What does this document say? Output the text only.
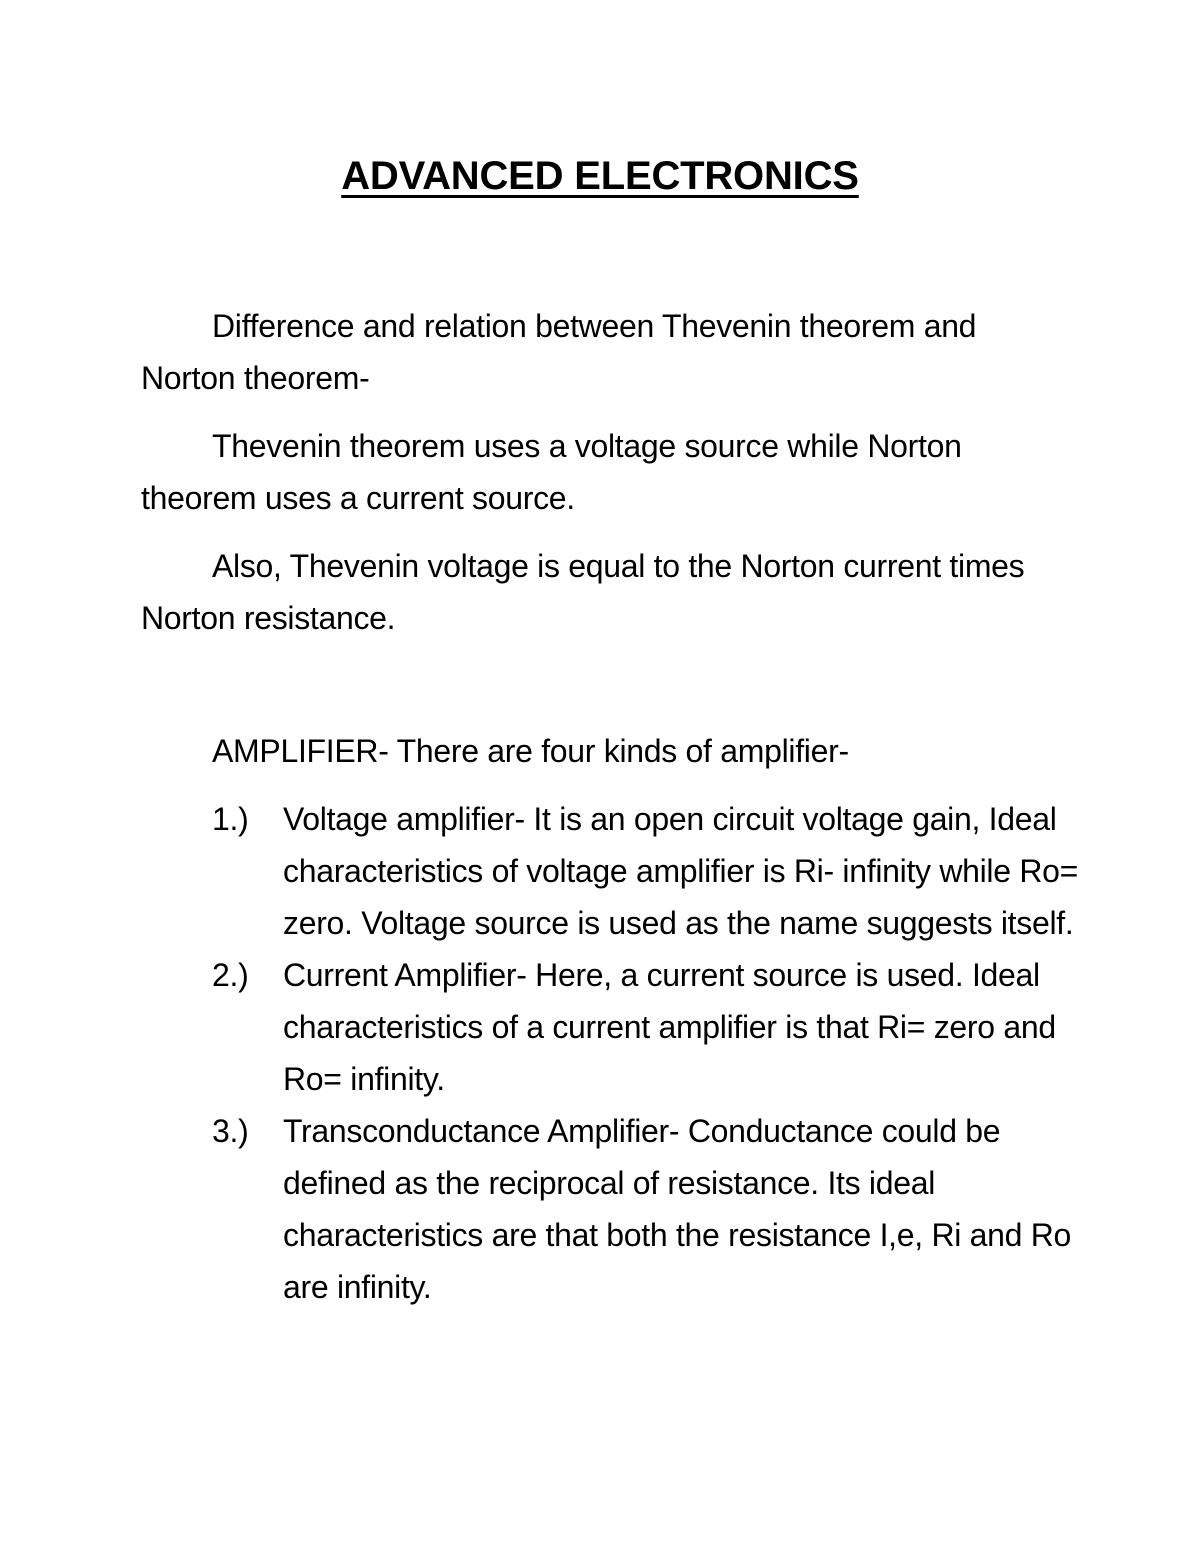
ADVANCED ELECTRONICS

Difference and relation between Thevenin theorem and Norton theorem-

Thevenin theorem uses a voltage source while Norton theorem uses a current source.

Also, Thevenin voltage is equal to the Norton current times Norton resistance.

AMPLIFIER- There are four kinds of amplifier-

1.) Voltage amplifier- It is an open circuit voltage gain, Ideal characteristics of voltage amplifier is Ri- infinity while Ro= zero. Voltage source is used as the name suggests itself.
2.) Current Amplifier- Here, a current source is used. Ideal characteristics of a current amplifier is that Ri= zero and Ro= infinity.
3.) Transconductance Amplifier- Conductance could be defined as the reciprocal of resistance. Its ideal characteristics are that both the resistance I,e, Ri and Ro are infinity.
